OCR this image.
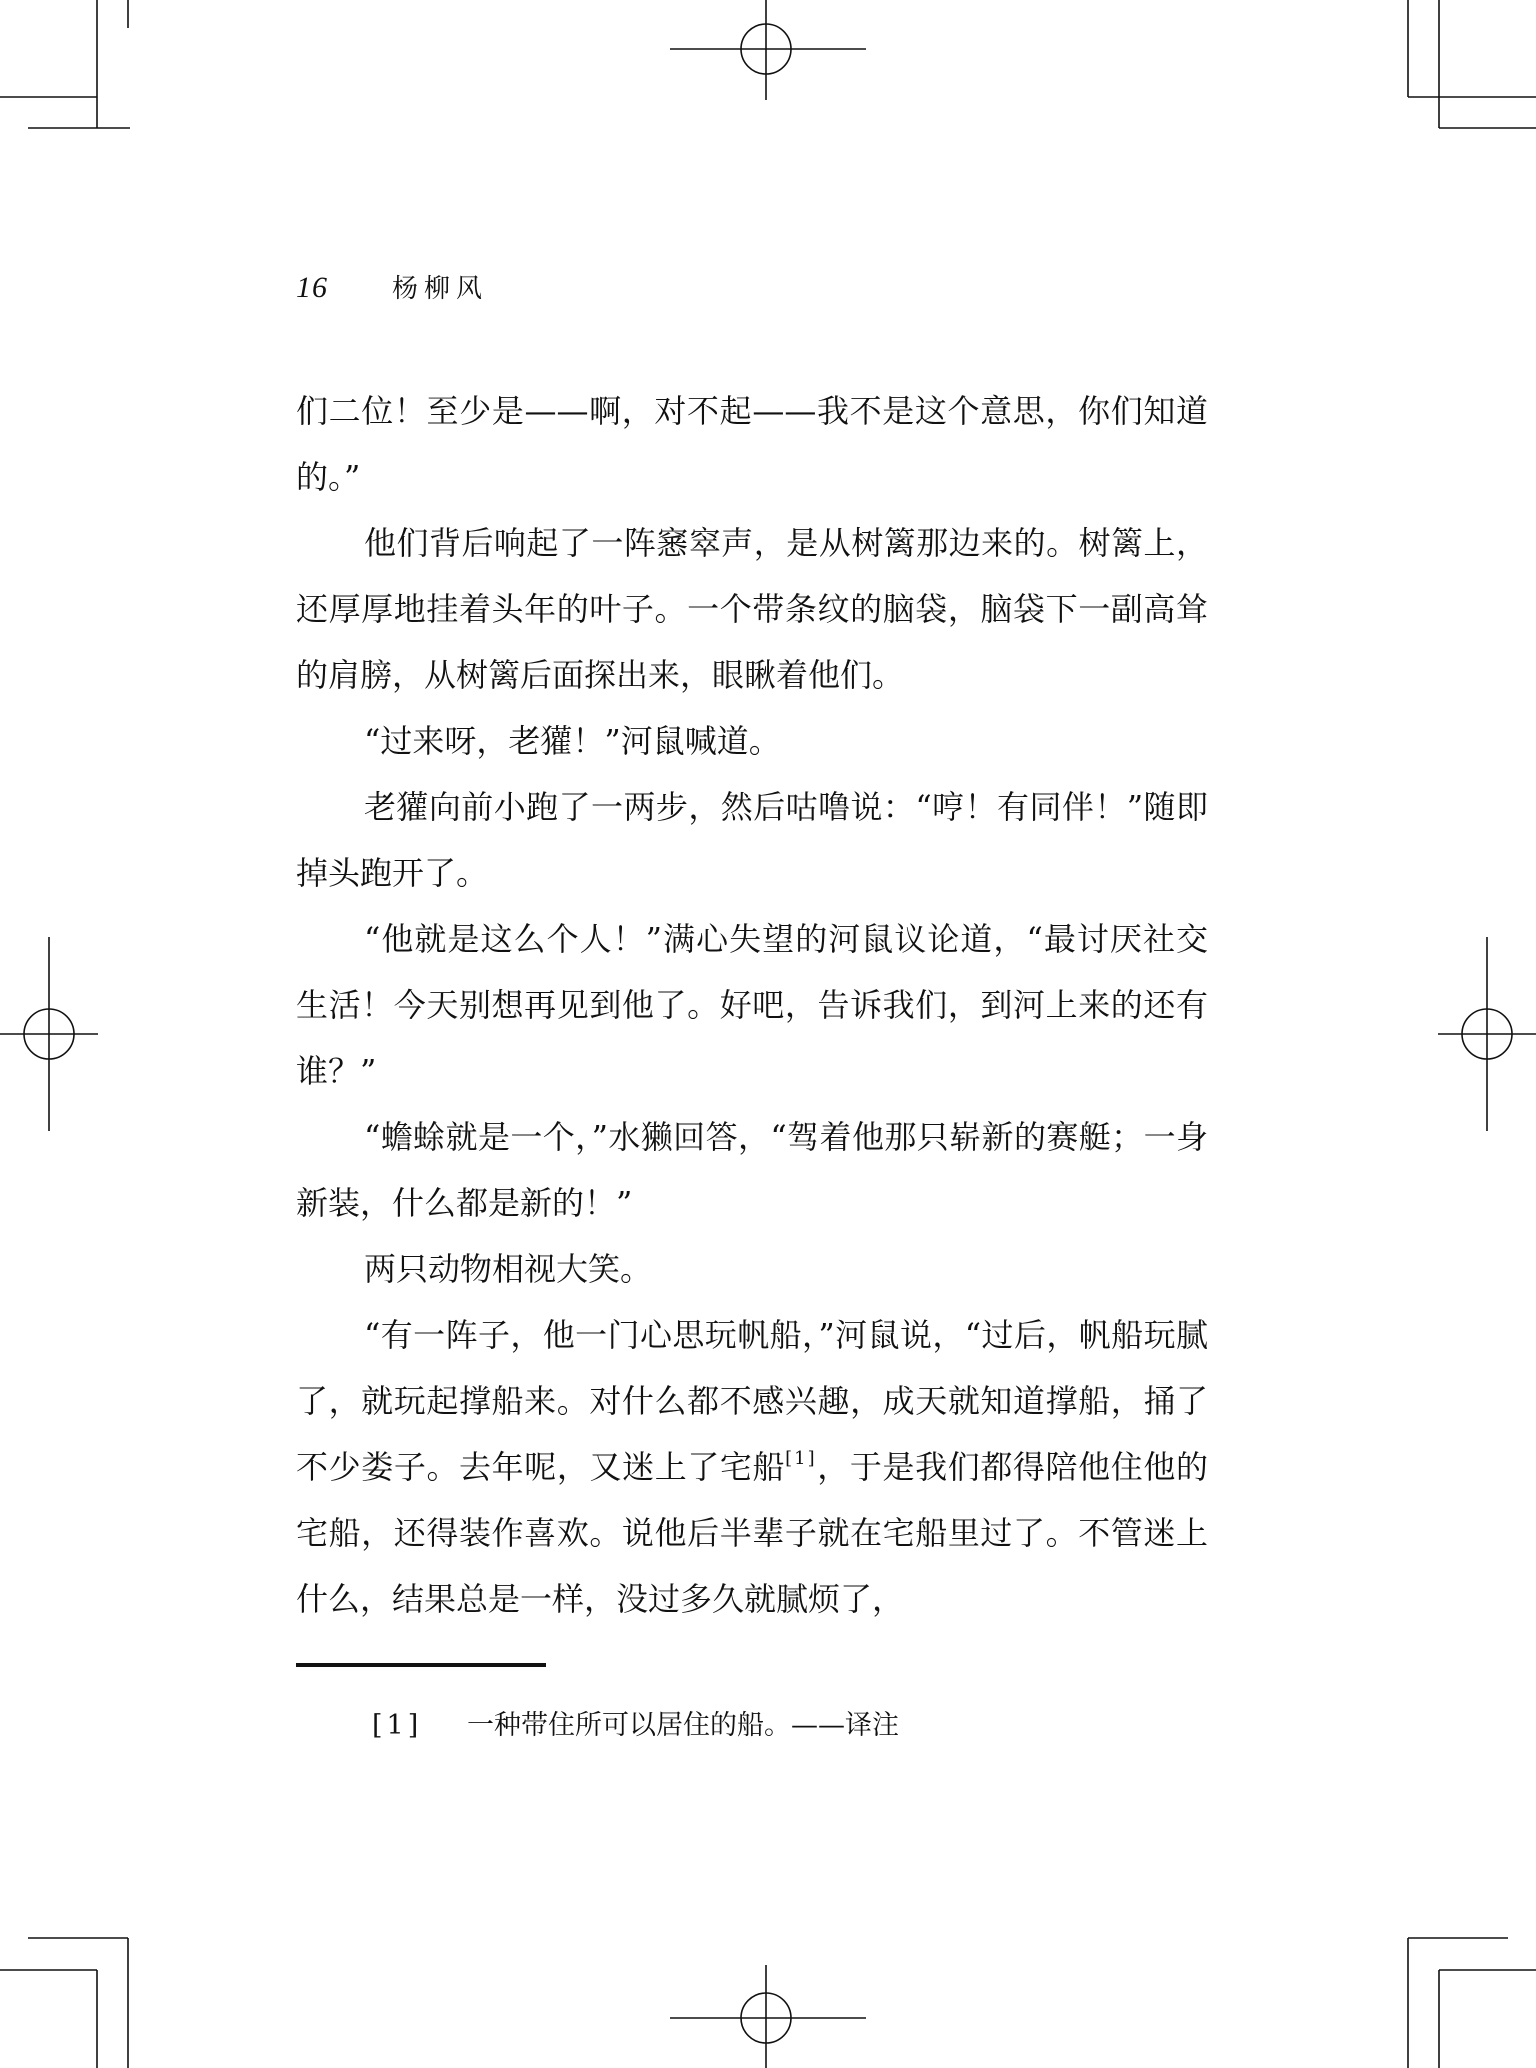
16 杨柳风

们二位！至少是——啊，对不起——我不是这个意思，你们知道的。”

他们背后响起了一阵窸窣声，是从树篱那边来的。树篱上，还厚厚地挂着头年的叶子。一个带条纹的脑袋，脑袋下一副高耸的肩膀，从树篱后面探出来，眼瞅着他们。

“过来呀，老獾！”河鼠喊道。

老獾向前小跑了一两步，然后咕噜说：“哼！有同伴！”随即掉头跑开了。

“他就是这么个人！”满心失望的河鼠议论道，“最讨厌社交生活！今天别想再见到他了。好吧，告诉我们，到河上来的还有谁？”

“蟾蜍就是一个，”水獭回答，“驾着他那只崭新的赛艇；一身新装，什么都是新的！”

两只动物相视大笑。

“有一阵子，他一门心思玩帆船，”河鼠说，“过后，帆船玩腻了，就玩起撑船来。对什么都不感兴趣，成天就知道撑船，捅了不少娄子。去年呢，又迷上了宅船[1]，于是我们都得陪他住他的宅船，还得装作喜欢。说他后半辈子就在宅船里过了。不管迷上什么，结果总是一样，没过多久就腻烦了，

[1]	一种带住所可以居住的船。——译注
